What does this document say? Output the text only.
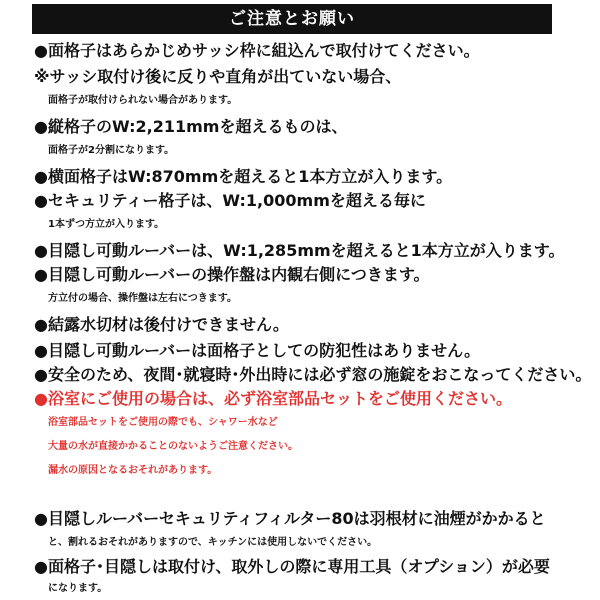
ご注意とお願い
●面格子はあらかじめサッシ枠に組込んで取付けてください。
※サッシ取付け後に反りや直角が出ていない場合、
面格子が取付けられない場合があります。
●縦格子のW:2,211mmを超えるものは、
面格子が2分割になります。
●横面格子はW:870mmを超えると1本方立が入ります。
●セキュリティー格子は、W:1,000mmを超える毎に
1本ずつ方立が入ります。
●目隠し可動ルーバーは、W:1,285mmを超えると1本方立が入ります。
●目隠し可動ルーバーの操作盤は内観右側につきます。
方立付の場合、操作盤は左右につきます。
●結露水切材は後付けできません。
●目隠し可動ルーバーは面格子としての防犯性はありません。
●安全のため、夜間･就寝時･外出時には必ず窓の施錠をおこなってください。
●浴室にご使用の場合は、必ず浴室部品セットをご使用ください。
浴室部品セットをご使用の際でも、シャワー水など
大量の水が直接かかることのないようご注意ください。
漏水の原因となるおそれがあります。
●目隠しルーバーセキュリティフィルター80は羽根材に油煙がかかると
と、割れるおそれがありますので、キッチンには使用しないでください。
●面格子･目隠しは取付け、取外しの際に専用工具（オプション）が必要
になります。
